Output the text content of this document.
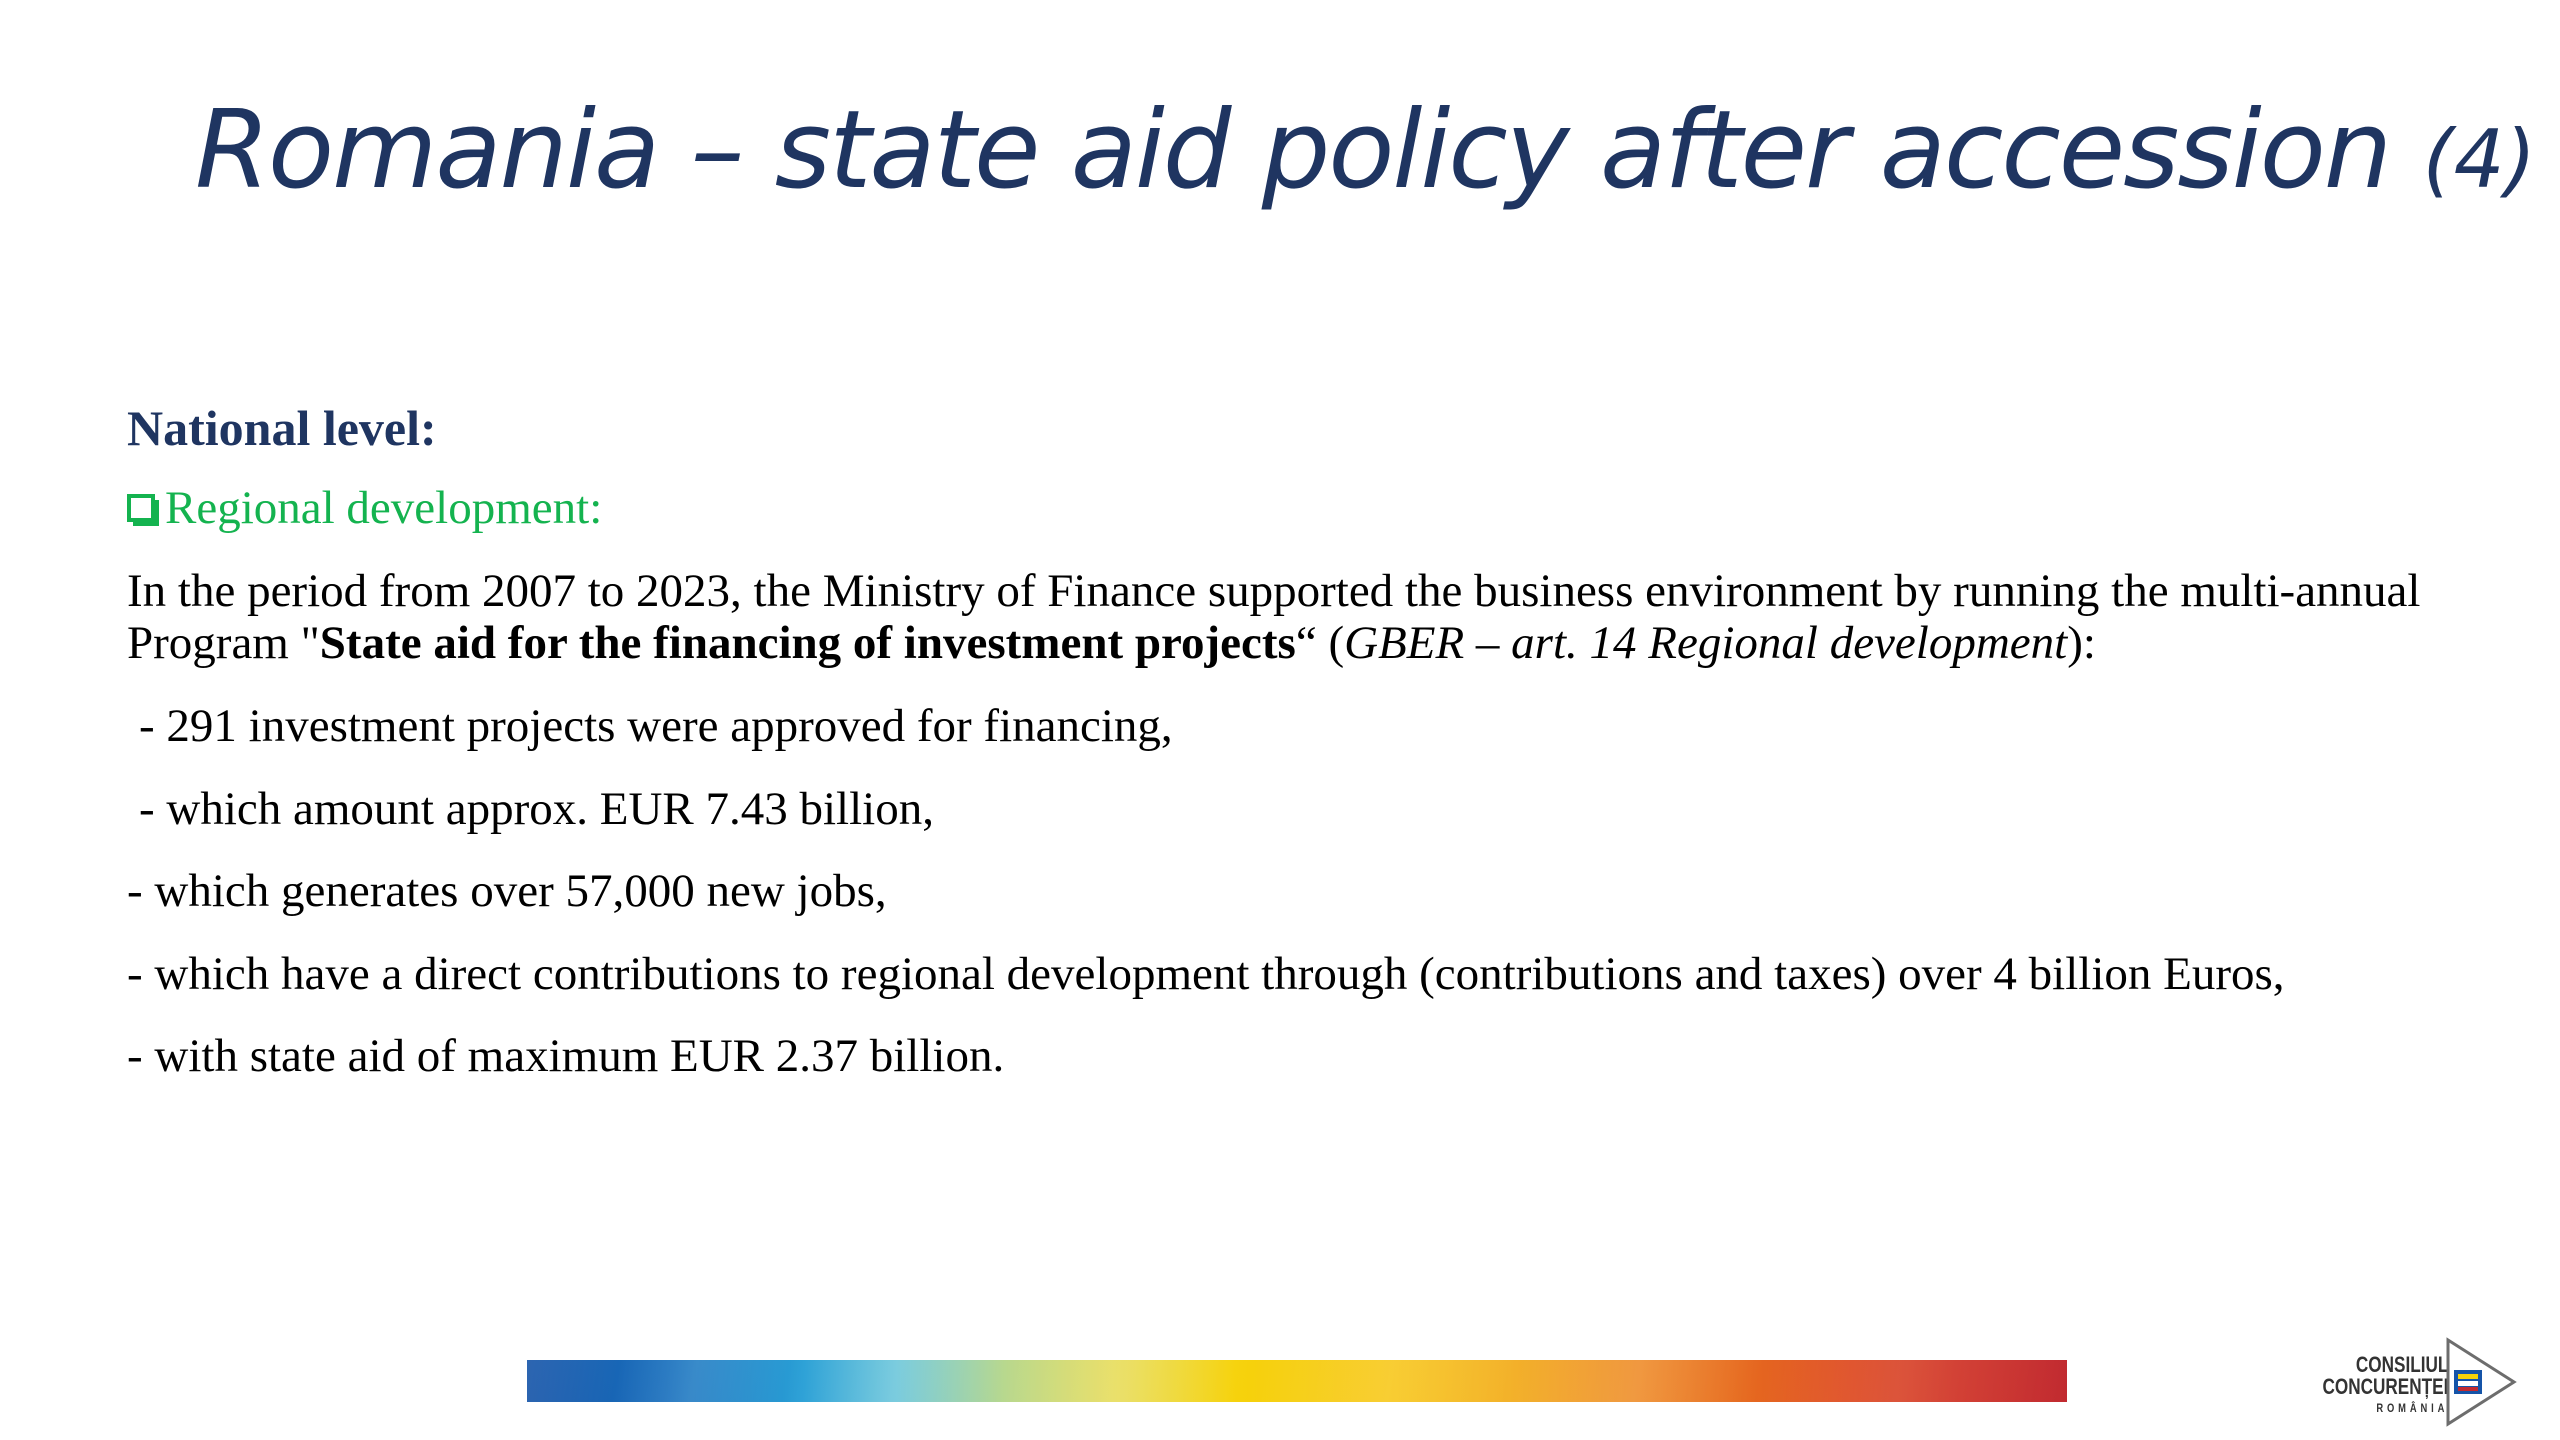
Romania – state aid policy after accession (4)
National level:
Regional development:
In the period from 2007 to 2023, the Ministry of Finance supported the business environment by running the multi-annual Program "State aid for the financing of investment projects“ (GBER – art. 14 Regional development):
- 291 investment projects were approved for financing,
- which amount approx. EUR 7.43 billion,
- which generates over 57,000 new jobs,
- which have a direct contributions to regional development through (contributions and taxes) over 4 billion Euros,
- with state aid of maximum EUR 2.37 billion.
CONSILIUL
CONCURENȚEI
ROMÂNIA
